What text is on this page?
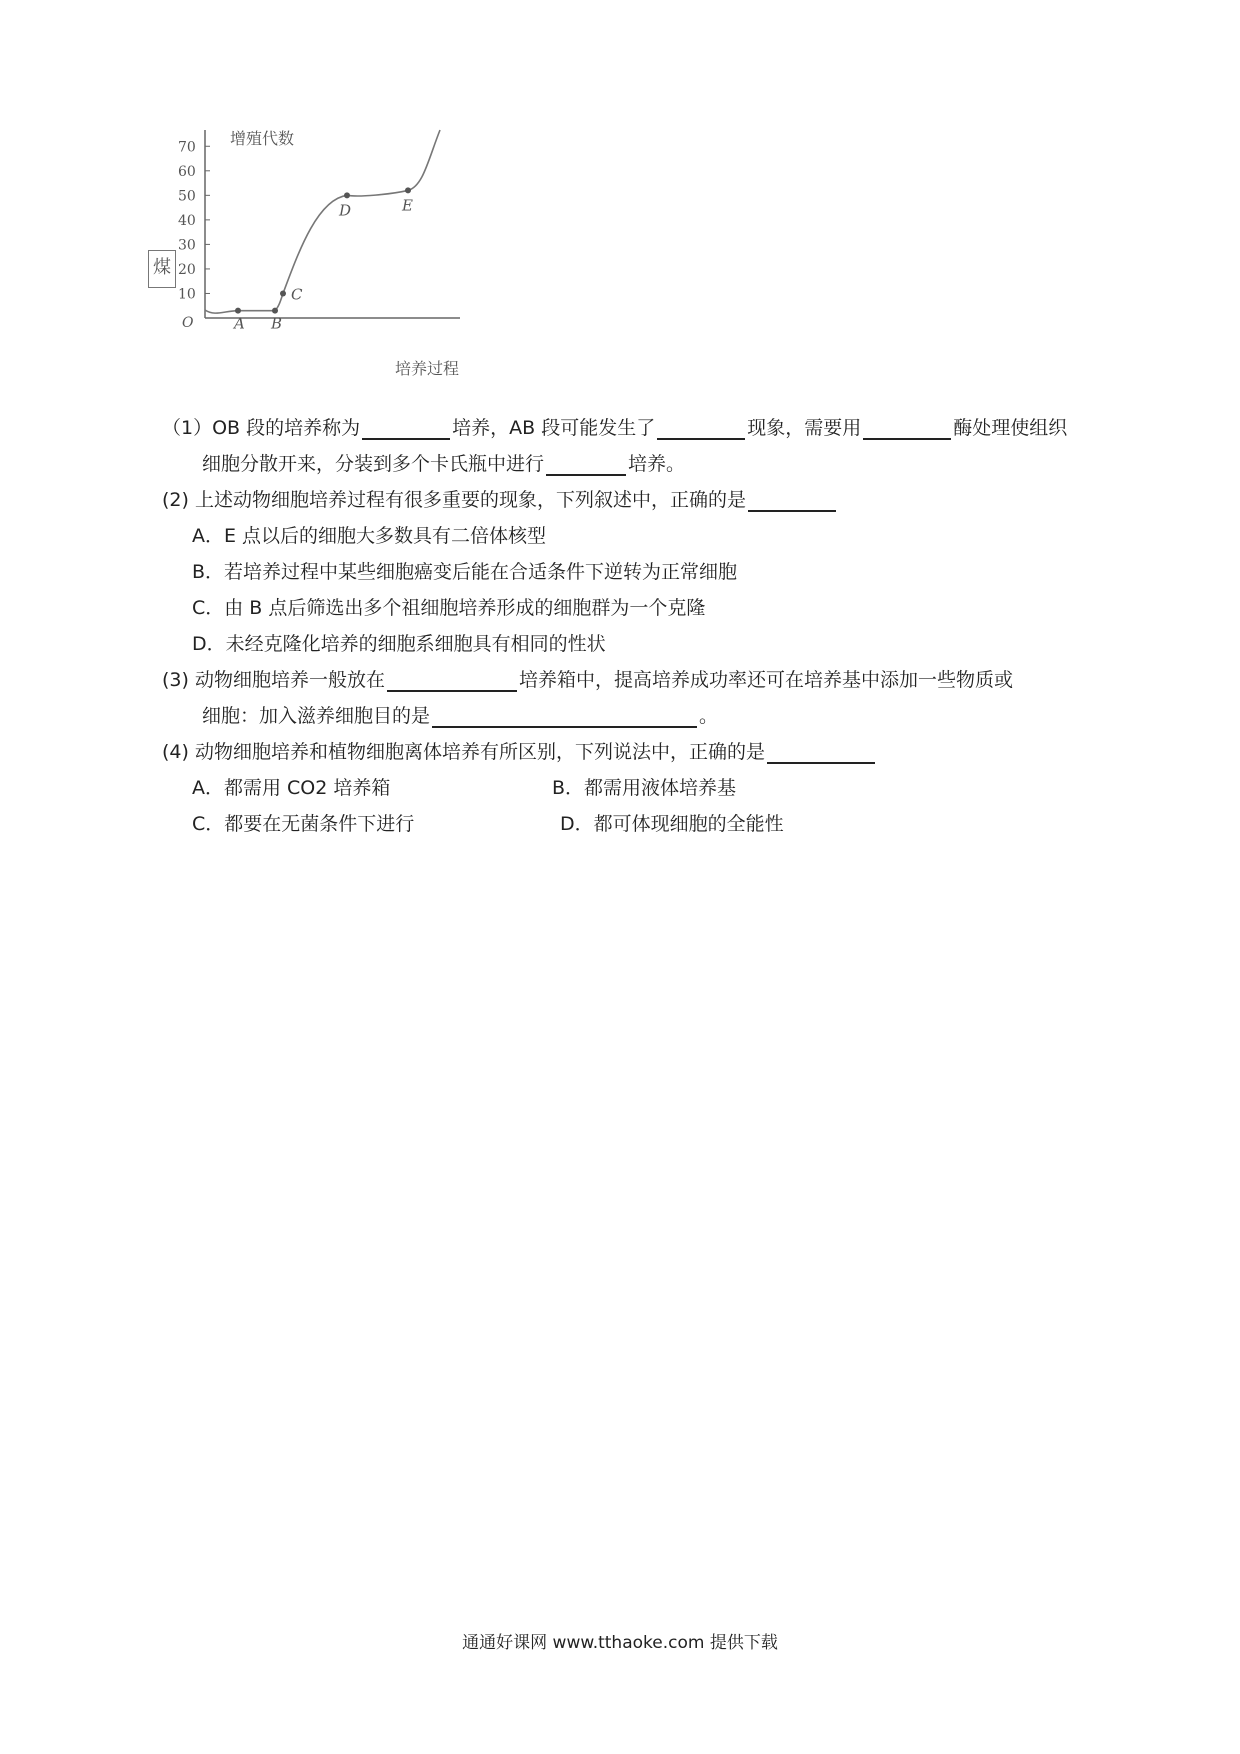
增殖代数
培养过程
O
10
20
30
40
50
60
70
A B
C
D	E
煤
（1）OB 段的培养称为	培养，AB 段可能发生了	现象，需要用	酶处理使组织
细胞分散开来，分装到多个卡氏瓶中进行	培养。
(2) 上述动物细胞培养过程有很多重要的现象，下列叙述中，正确的是
A．E 点以后的细胞大多数具有二倍体核型
B．若培养过程中某些细胞癌变后能在合适条件下逆转为正常细胞
C．由 B 点后筛选出多个祖细胞培养形成的细胞群为一个克隆
D．未经克隆化培养的细胞系细胞具有相同的性状
(3) 动物细胞培养一般放在	培养箱中，提高培养成功率还可在培养基中添加一些物质或
细胞：加入滋养细胞目的是	。
(4) 动物细胞培养和植物细胞离体培养有所区别，下列说法中，正确的是
A．都需用 CO2 培养箱	B．都需用液体培养基
C．都要在无菌条件下进行	D．都可体现细胞的全能性
通通好课网 www.tthaoke.com 提供下载
